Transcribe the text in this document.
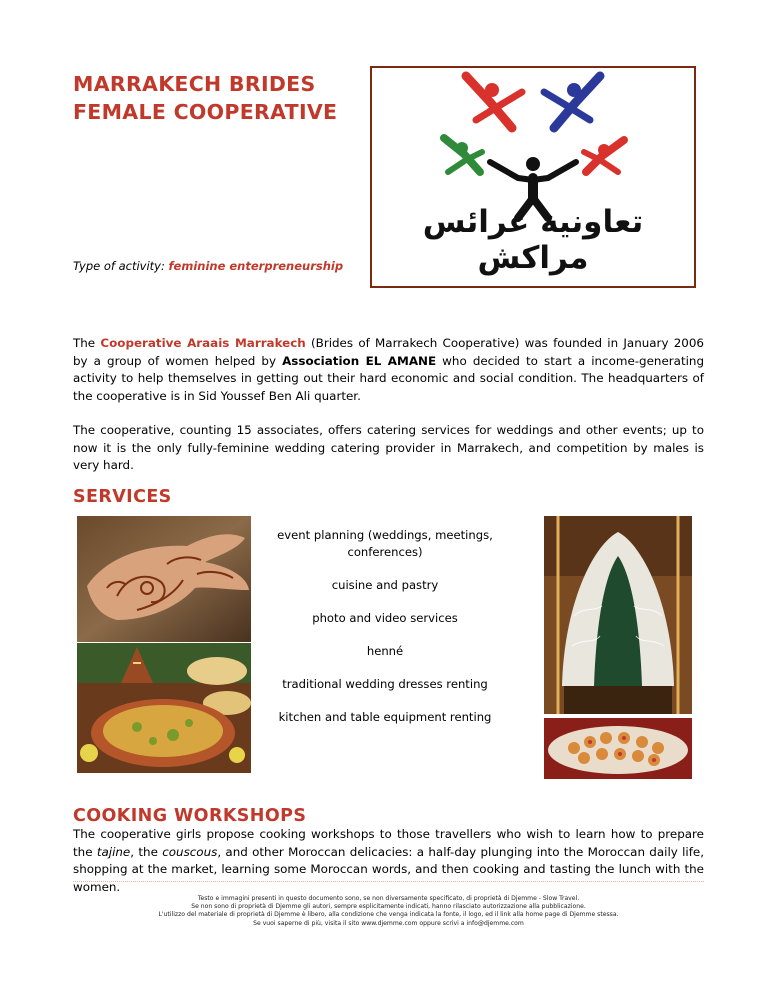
MARRAKECH BRIDES
FEMALE COOPERATIVE
Type of activity: feminine enterpreneurship
تعاونية عرائس مراكش

The Cooperative Araais Marrakech (Brides of Marrakech Cooperative) was founded in January 2006 by a group of women helped by Association EL AMANE who decided to start a income-generating activity to help themselves in getting out their hard economic and social condition. The headquarters of the cooperative is in Sid Youssef Ben Ali quarter.

The cooperative, counting 15 associates, offers catering services for weddings and other events; up to now it is the only fully-feminine wedding catering provider in Marrakech, and competition by males is very hard.

SERVICES
event planning (weddings, meetings, conferences)
cuisine and pastry
photo and video services
henné
traditional wedding dresses renting
kitchen and table equipment renting
COOKING WORKSHOPS

The cooperative girls propose cooking workshops to those travellers who wish to learn how to prepare the tajine, the couscous, and other Moroccan delicacies: a half-day plunging into the Moroccan daily life, shopping at the market, learning some Moroccan words, and then cooking and tasting the lunch with the women.

Testo e immagini presenti in questo documento sono, se non diversamente specificato, di proprietà di Djemme - Slow Travel.
Se non sono di proprietà di Djemme gli autori, sempre esplicitamente indicati, hanno rilasciato autorizzazione alla pubblicazione.
L'utilizzo del materiale di proprietà di Djemme è libero, alla condizione che venga indicata la fonte, il logo, ed il link alla home page di Djemme stessa.
Se vuoi saperne di più, visita il sito www.djemme.com oppure scrivi a info@djemme.com
